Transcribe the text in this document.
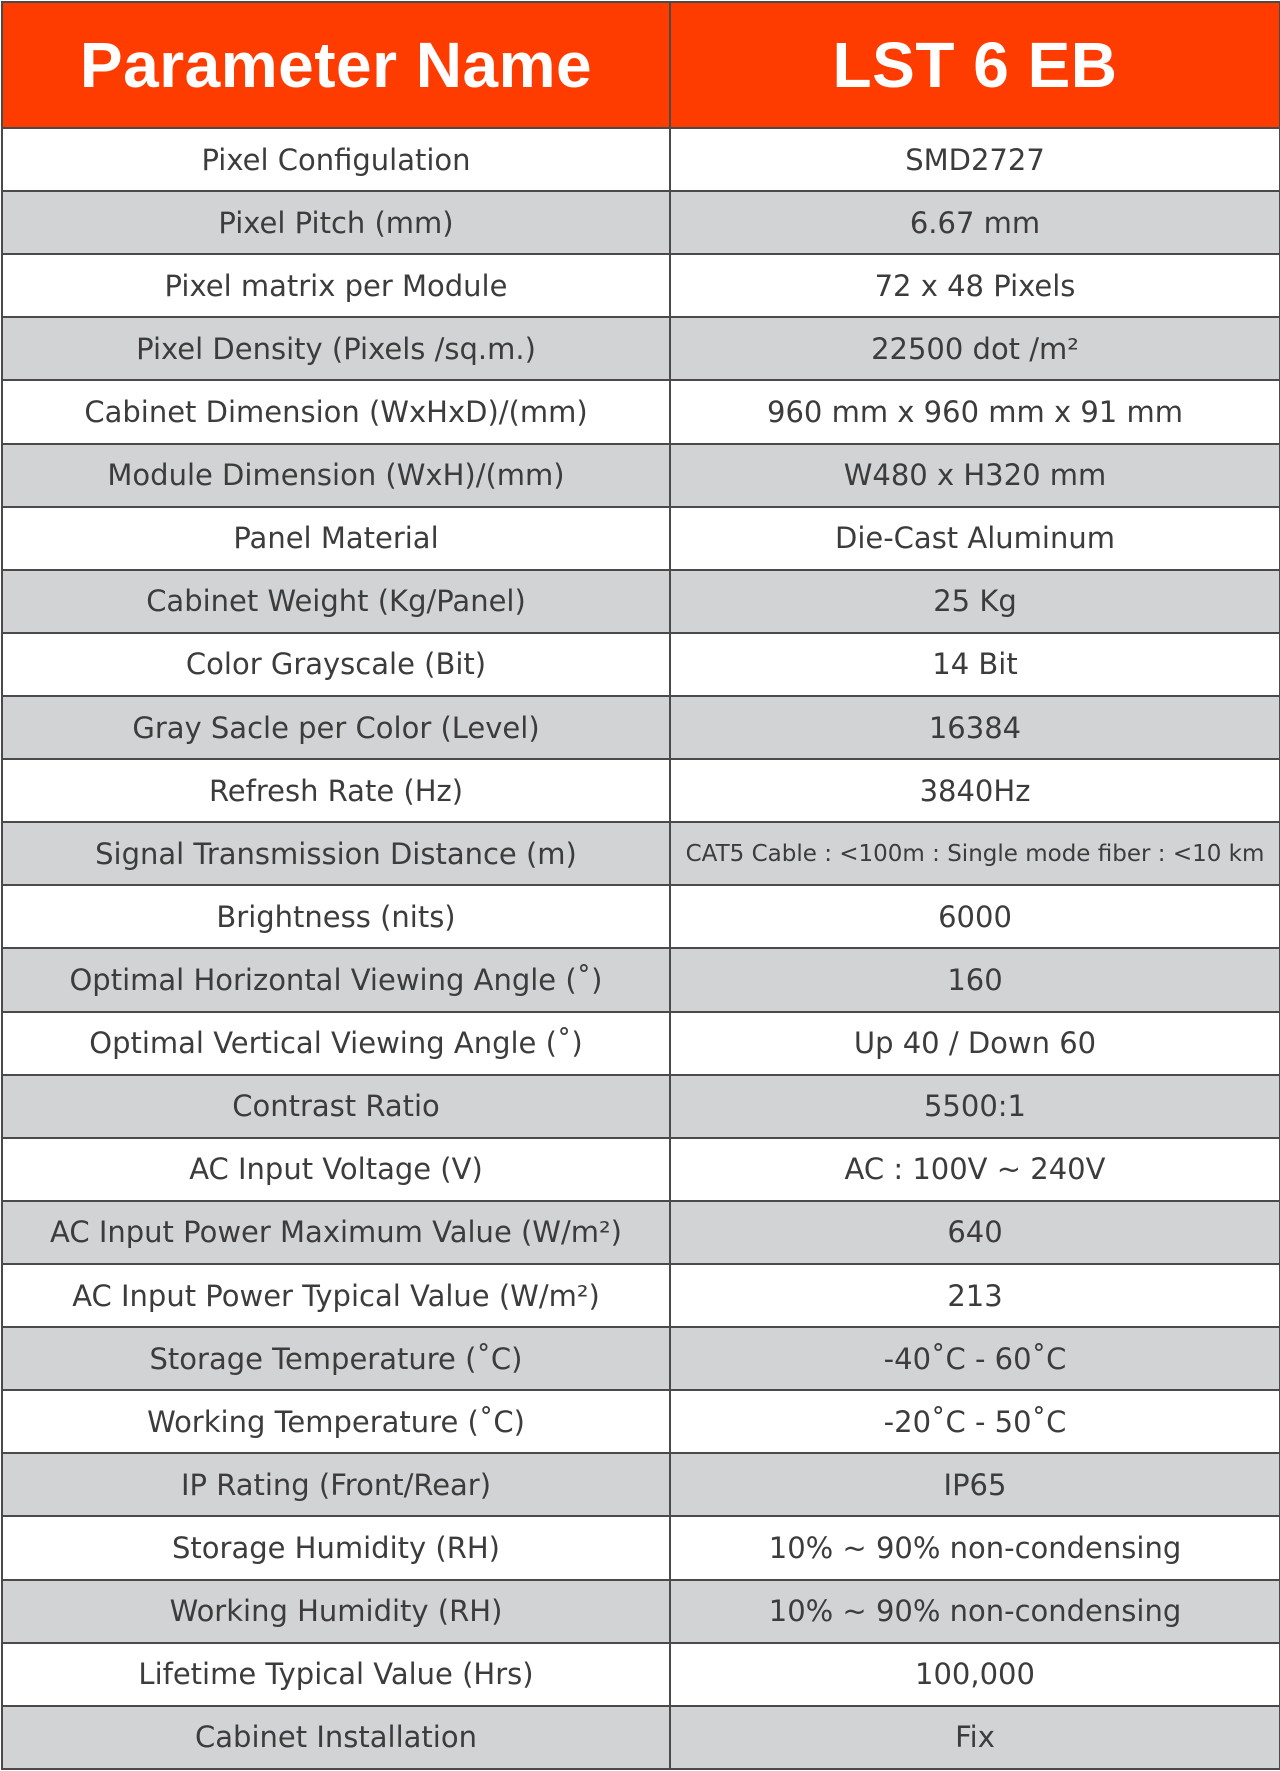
Parameter Name	LST 6 EB
Pixel Configulation	SMD2727
Pixel Pitch (mm)	6.67 mm
Pixel matrix per Module	72 x 48 Pixels
Pixel Density (Pixels /sq.m.)	22500 dot /m²
Cabinet Dimension (WxHxD)/(mm)	960 mm x 960 mm x 91 mm
Module Dimension (WxH)/(mm)	W480 x H320 mm
Panel Material	Die-Cast Aluminum
Cabinet Weight (Kg/Panel)	25 Kg
Color Grayscale (Bit)	14 Bit
Gray Sacle per Color (Level)	16384
Refresh Rate (Hz)	3840Hz
Signal Transmission Distance (m)	CAT5 Cable : <100m : Single mode fiber : <10 km
Brightness (nits)	6000
Optimal Horizontal Viewing Angle (˚)	160
Optimal Vertical Viewing Angle (˚)	Up 40 / Down 60
Contrast Ratio	5500:1
AC Input Voltage (V)	AC : 100V ~ 240V
AC Input Power Maximum Value (W/m²)	640
AC Input Power Typical Value (W/m²)	213
Storage Temperature (˚C)	-40˚C - 60˚C
Working Temperature (˚C)	-20˚C - 50˚C
IP Rating (Front/Rear)	IP65
Storage Humidity (RH)	10% ~ 90% non-condensing
Working Humidity (RH)	10% ~ 90% non-condensing
Lifetime Typical Value (Hrs)	100,000
Cabinet Installation	Fix
